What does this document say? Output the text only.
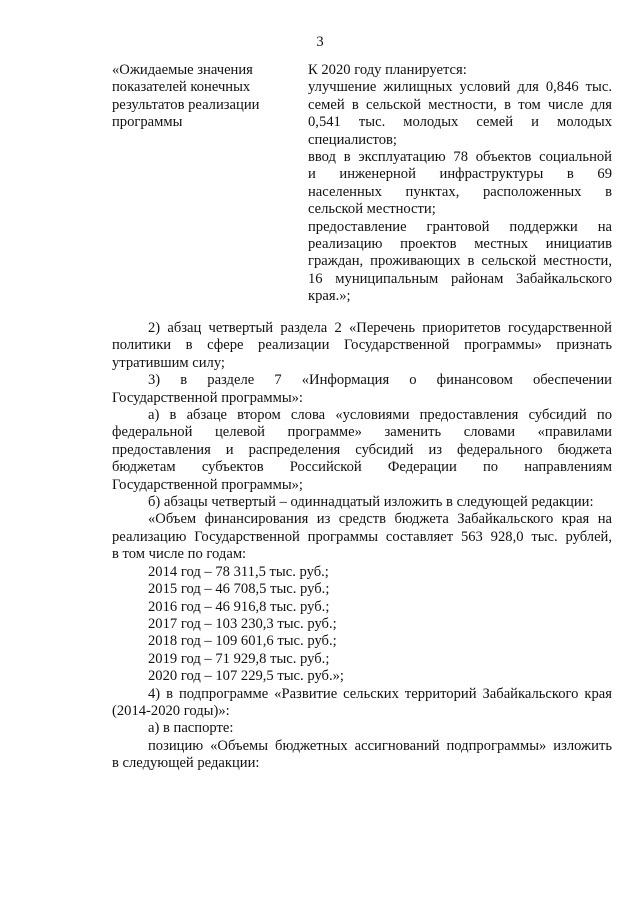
3
«Ожидаемые значения
показателей конечных
результатов реализации
программы
К 2020 году планируется:
улучшение жилищных условий для 0,846 тыс.
семей в сельской местности, в том числе для
0,541 тыс. молодых семей и молодых
специалистов;
ввод в эксплуатацию 78 объектов социальной
и инженерной инфраструктуры в 69
населенных пунктах, расположенных в
сельской местности;
предоставление грантовой поддержки на
реализацию проектов местных инициатив
граждан, проживающих в сельской местности,
16 муниципальным районам Забайкальского
края.»;
2) абзац четвертый раздела 2 «Перечень приоритетов государственной
политики в сфере реализации Государственной программы» признать
утратившим силу;
3) в разделе 7 «Информация о финансовом обеспечении
Государственной программы»:
а) в абзаце втором слова «условиями предоставления субсидий по
федеральной целевой программе» заменить словами «правилами
предоставления и распределения субсидий из федерального бюджета
бюджетам субъектов Российской Федерации по направлениям
Государственной программы»;
б) абзацы четвертый – одиннадцатый изложить в следующей редакции:
«Объем финансирования из средств бюджета Забайкальского края на
реализацию Государственной программы составляет 563 928,0 тыс. рублей,
в том числе по годам:
2014 год – 78 311,5 тыс. руб.;
2015 год – 46 708,5 тыс. руб.;
2016 год – 46 916,8 тыс. руб.;
2017 год – 103 230,3 тыс. руб.;
2018 год – 109 601,6 тыс. руб.;
2019 год – 71 929,8 тыс. руб.;
2020 год – 107 229,5 тыс. руб.»;
4) в подпрограмме «Развитие сельских территорий Забайкальского края
(2014-2020 годы)»:
а) в паспорте:
позицию «Объемы бюджетных ассигнований подпрограммы» изложить
в следующей редакции:
